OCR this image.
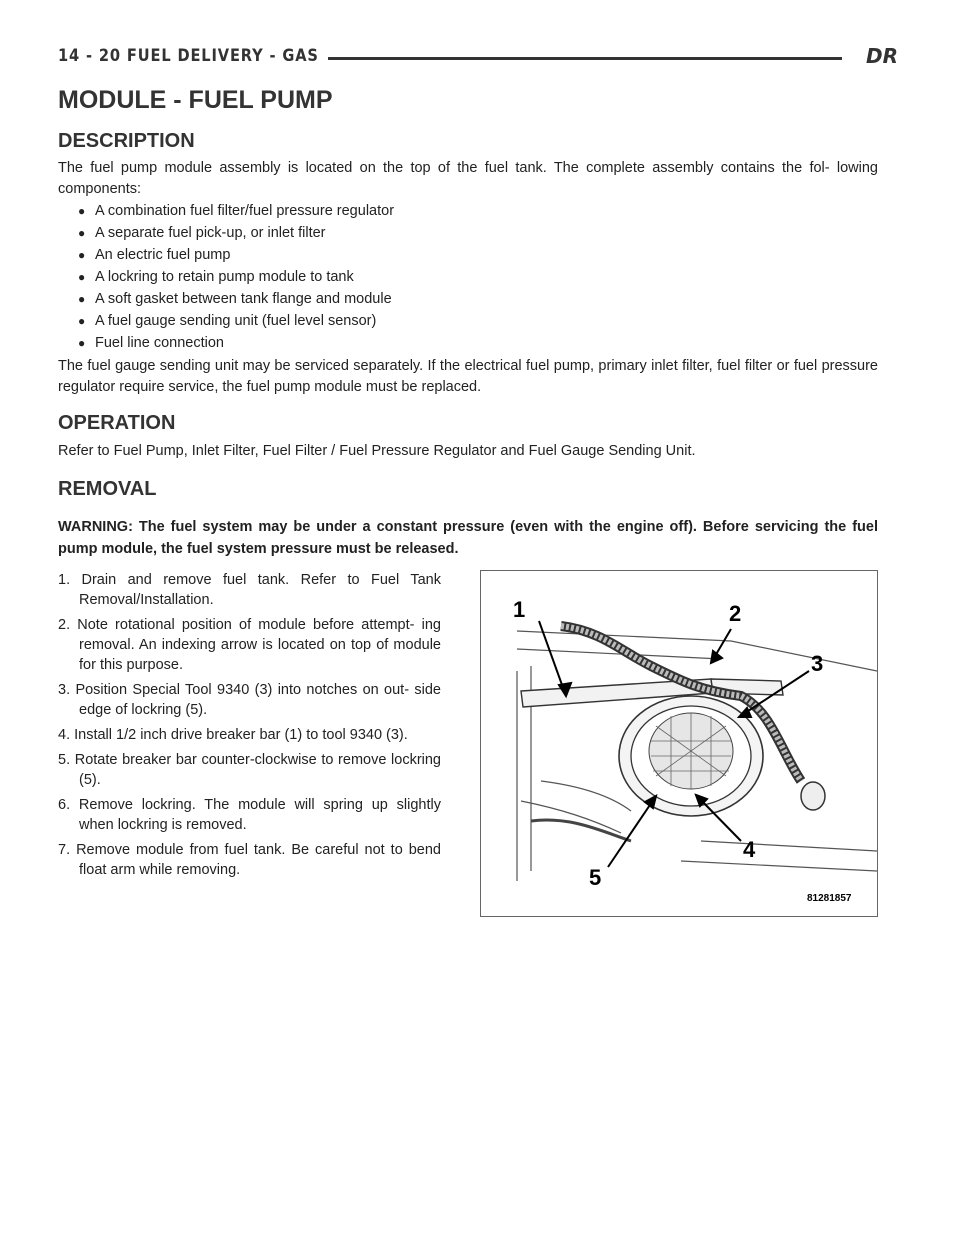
14 - 20 FUEL DELIVERY - GAS	DR
MODULE - FUEL PUMP
DESCRIPTION

The fuel pump module assembly is located on the top of the fuel tank. The complete assembly contains the fol- lowing components:

● A combination fuel filter/fuel pressure regulator
● A separate fuel pick-up, or inlet filter
● An electric fuel pump
● A lockring to retain pump module to tank
● A soft gasket between tank flange and module
● A fuel gauge sending unit (fuel level sensor)
● Fuel line connection

The fuel gauge sending unit may be serviced separately. If the electrical fuel pump, primary inlet filter, fuel filter or fuel pressure regulator require service, the fuel pump module must be replaced.

OPERATION

Refer to Fuel Pump, Inlet Filter, Fuel Filter / Fuel Pressure Regulator and Fuel Gauge Sending Unit.

REMOVAL

WARNING: The fuel system may be under a constant pressure (even with the engine off). Before servicing the fuel pump module, the fuel system pressure must be released.

1. Drain and remove fuel tank. Refer to Fuel Tank Removal/Installation.
2. Note rotational position of module before attempt- ing removal. An indexing arrow is located on top of module for this purpose.
3. Position Special Tool 9340 (3) into notches on out- side edge of lockring (5).
4. Install 1/2 inch drive breaker bar (1) to tool 9340 (3).
5. Rotate breaker bar counter-clockwise to remove lockring (5).
6. Remove lockring. The module will spring up slightly when lockring is removed.
7. Remove module from fuel tank. Be careful not to bend float arm while removing.
1	2
3
4
5
81281857
